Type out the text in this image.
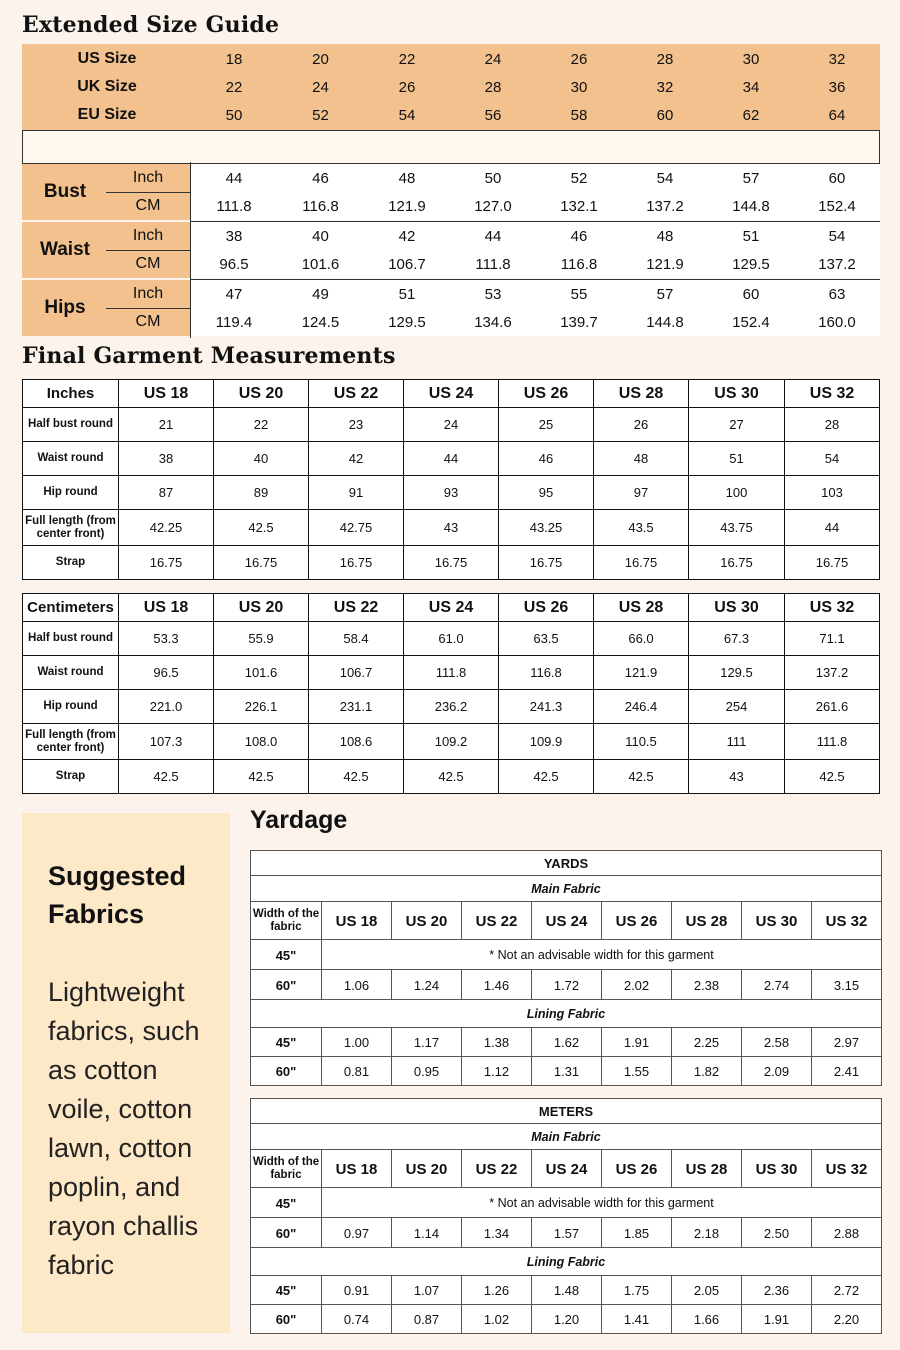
Extended Size Guide
US Size	18	20	22	24	26	28	30	32
UK Size	22	24	26	28	30	32	34	36
EU Size	50	52	54	56	58	60	62	64
Bust
Inch	44	46	48	50	52	54	57	60
CM	111.8	116.8	121.9	127.0	132.1	137.2	144.8	152.4
Waist
Inch	38	40	42	44	46	48	51	54
CM	96.5	101.6	106.7	111.8	116.8	121.9	129.5	137.2
Hips
Inch	47	49	51	53	55	57	60	63
CM	119.4	124.5	129.5	134.6	139.7	144.8	152.4	160.0
Final Garment Measurements
Inches	US 18	US 20	US 22	US 24	US 26	US 28	US 30	US 32
Half bust round	21	22	23	24	25	26	27	28
Waist round	38	40	42	44	46	48	51	54
Hip round	87	89	91	93	95	97	100	103
Full length (from center front)	42.25	42.5	42.75	43	43.25	43.5	43.75	44
Strap	16.75	16.75	16.75	16.75	16.75	16.75	16.75	16.75
Centimeters	US 18	US 20	US 22	US 24	US 26	US 28	US 30	US 32
Half bust round	53.3	55.9	58.4	61.0	63.5	66.0	67.3	71.1
Waist round	96.5	101.6	106.7	111.8	116.8	121.9	129.5	137.2
Hip round	221.0	226.1	231.1	236.2	241.3	246.4	254	261.6
Full length (from center front)	107.3	108.0	108.6	109.2	109.9	110.5	111	111.8
Strap	42.5	42.5	42.5	42.5	42.5	42.5	43	42.5
Suggested Fabrics
Lightweight fabrics, such as cotton voile, cotton lawn, cotton poplin, and rayon challis fabric
Yardage
YARDS
Main Fabric
Width of the fabric	US 18	US 20	US 22	US 24	US 26	US 28	US 30	US 32
45"	* Not an advisable width for this garment
60"	1.06	1.24	1.46	1.72	2.02	2.38	2.74	3.15
Lining Fabric
45"	1.00	1.17	1.38	1.62	1.91	2.25	2.58	2.97
60"	0.81	0.95	1.12	1.31	1.55	1.82	2.09	2.41
METERS
Main Fabric
Width of the fabric	US 18	US 20	US 22	US 24	US 26	US 28	US 30	US 32
45"	* Not an advisable width for this garment
60"	0.97	1.14	1.34	1.57	1.85	2.18	2.50	2.88
Lining Fabric
45"	0.91	1.07	1.26	1.48	1.75	2.05	2.36	2.72
60"	0.74	0.87	1.02	1.20	1.41	1.66	1.91	2.20
